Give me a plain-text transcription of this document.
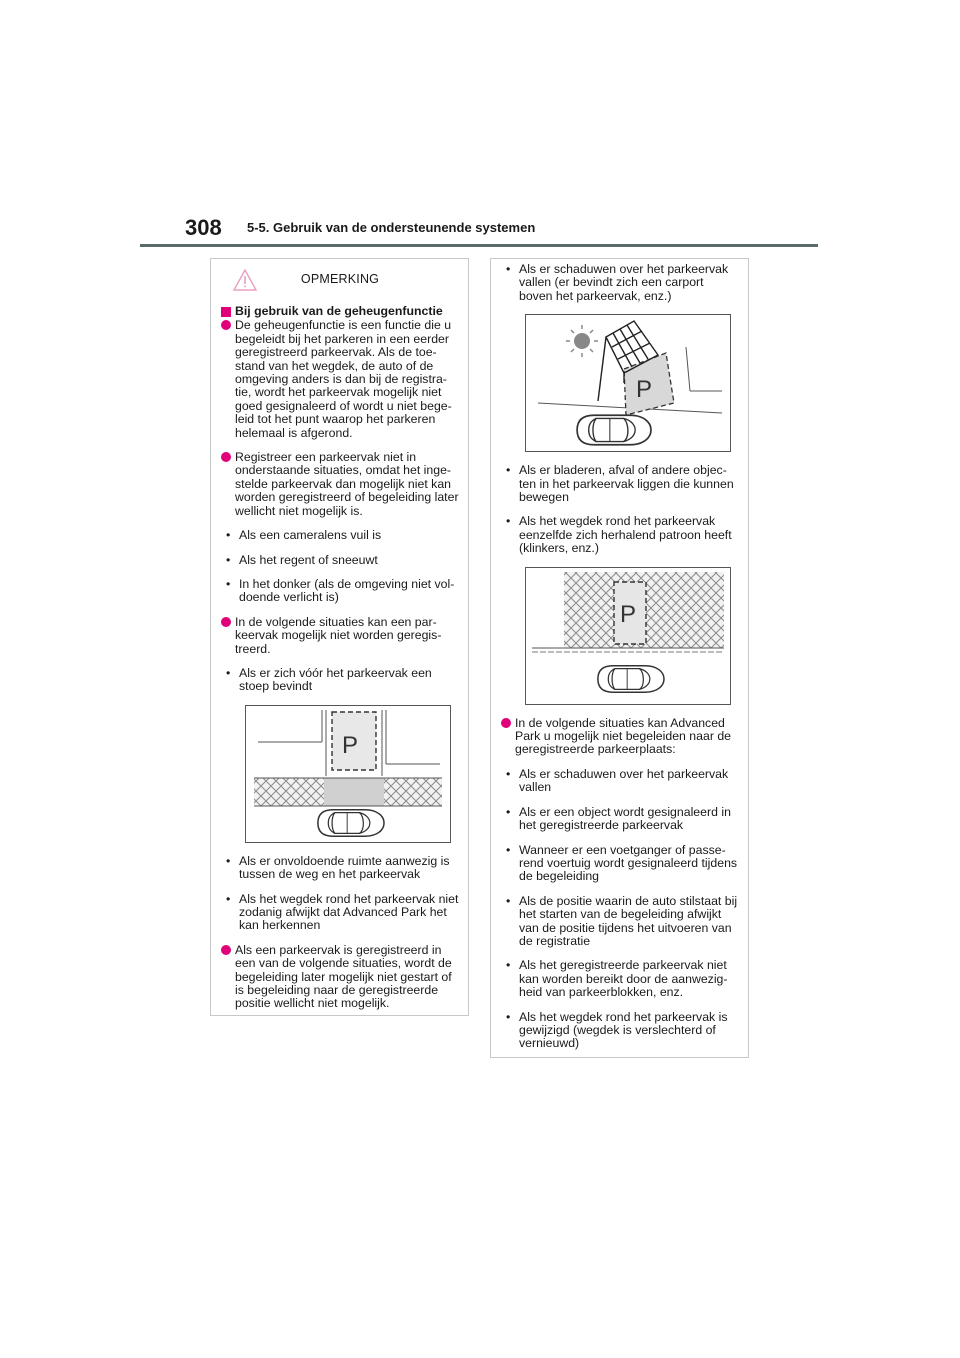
308 5-5. Gebruik van de ondersteunende systemen
OPMERKING
Bij gebruik van de geheugenfunctie
De geheugenfunctie is een functie die u begeleidt bij het parkeren in een eerder geregistreerd parkeervak. Als de toe-stand van het wegdek, de auto of de omgeving anders is dan bij de registra-tie, wordt het parkeervak mogelijk niet goed gesignaleerd of wordt u niet bege-leid tot het punt waarop het parkeren helemaal is afgerond.
Registreer een parkeervak niet in onderstaande situaties, omdat het inge-stelde parkeervak dan mogelijk niet kan worden geregistreerd of begeleiding later wellicht niet mogelijk is.
• Als een cameralens vuil is
• Als het regent of sneeuwt
• In het donker (als de omgeving niet vol-doende verlicht is)
In de volgende situaties kan een par-keervak mogelijk niet worden geregis-treerd.
• Als er zich vóór het parkeervak een stoep bevindt
P
• Als er onvoldoende ruimte aanwezig is tussen de weg en het parkeervak
• Als het wegdek rond het parkeervak niet zodanig afwijkt dat Advanced Park het kan herkennen
Als een parkeervak is geregistreerd in een van de volgende situaties, wordt de begeleiding later mogelijk niet gestart of is begeleiding naar de geregistreerde positie wellicht niet mogelijk.
• Als er schaduwen over het parkeervak vallen (er bevindt zich een carport boven het parkeervak, enz.)
P
• Als er bladeren, afval of andere objec-ten in het parkeervak liggen die kunnen bewegen
• Als het wegdek rond het parkeervak eenzelfde zich herhalend patroon heeft (klinkers, enz.)
P
In de volgende situaties kan Advanced Park u mogelijk niet begeleiden naar de geregistreerde parkeerplaats:
• Als er schaduwen over het parkeervak vallen
• Als er een object wordt gesignaleerd in het geregistreerde parkeervak
• Wanneer er een voetganger of passe-rend voertuig wordt gesignaleerd tijdens de begeleiding
• Als de positie waarin de auto stilstaat bij het starten van de begeleiding afwijkt van de positie tijdens het uitvoeren van de registratie
• Als het geregistreerde parkeervak niet kan worden bereikt door de aanwezig-heid van parkeerblokken, enz.
• Als het wegdek rond het parkeervak is gewijzigd (wegdek is verslechterd of vernieuwd)
